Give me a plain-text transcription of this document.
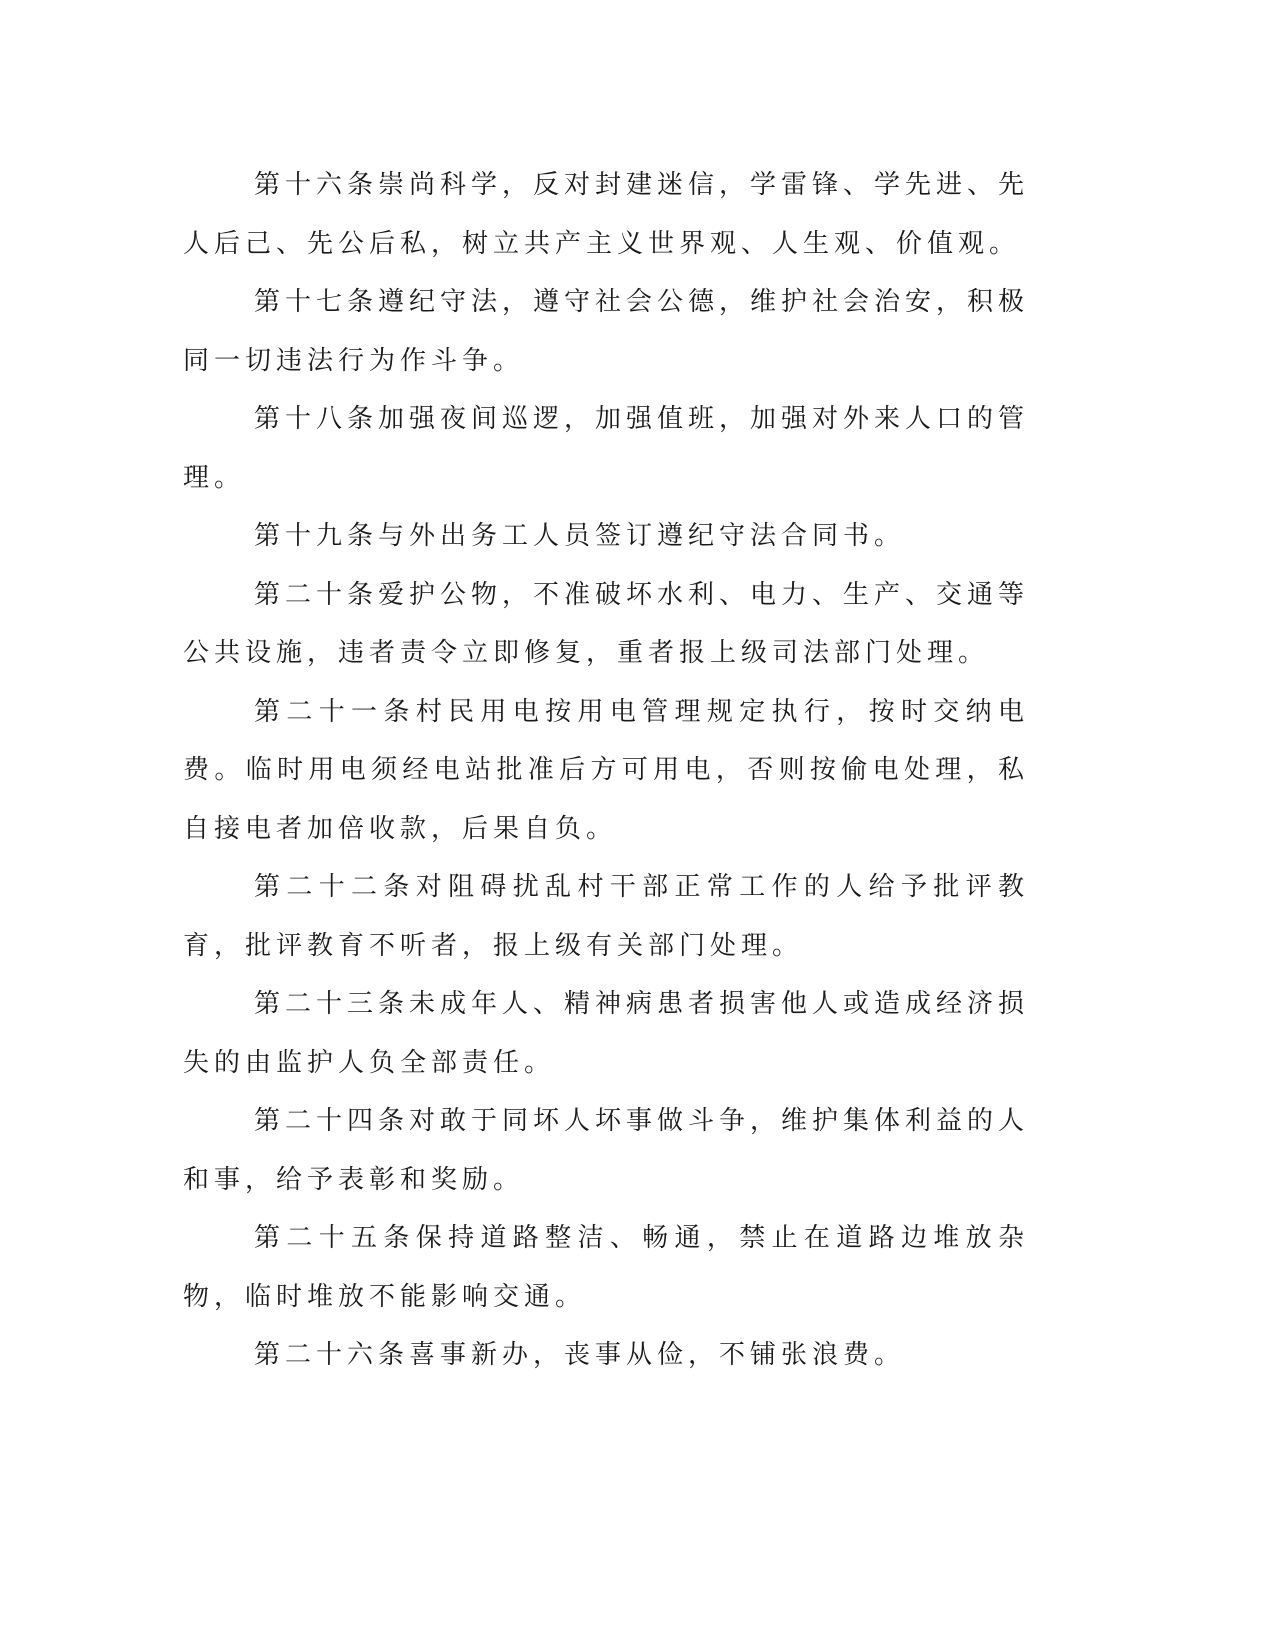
第十六条崇尚科学，反对封建迷信，学雷锋、学先进、先人后己、先公后私，树立共产主义世界观、人生观、价值观。

第十七条遵纪守法，遵守社会公德，维护社会治安，积极同一切违法行为作斗争。

第十八条加强夜间巡逻，加强值班，加强对外来人口的管理。

第十九条与外出务工人员签订遵纪守法合同书。

第二十条爱护公物，不准破坏水利、电力、生产、交通等公共设施，违者责令立即修复，重者报上级司法部门处理。

第二十一条村民用电按用电管理规定执行，按时交纳电费。临时用电须经电站批准后方可用电，否则按偷电处理，私自接电者加倍收款，后果自负。

第二十二条对阻碍扰乱村干部正常工作的人给予批评教育，批评教育不听者，报上级有关部门处理。

第二十三条未成年人、精神病患者损害他人或造成经济损失的由监护人负全部责任。

第二十四条对敢于同坏人坏事做斗争，维护集体利益的人和事，给予表彰和奖励。

第二十五条保持道路整洁、畅通，禁止在道路边堆放杂物，临时堆放不能影响交通。

第二十六条喜事新办，丧事从俭，不铺张浪费。
